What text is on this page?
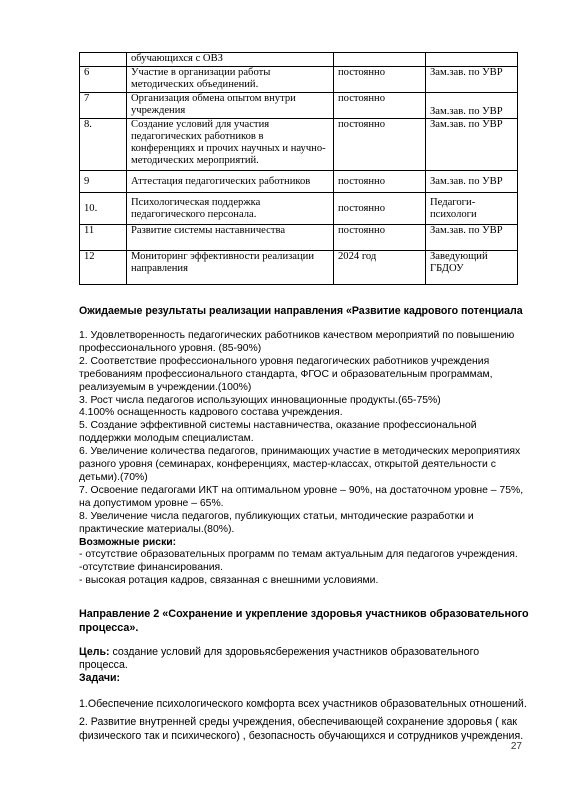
	обучающихся с ОВЗ		
6	Участие в организации работы методических объединений.	постоянно	Зам.зав. по УВР
7	Организация обмена опытом внутри учреждения	постоянно	Зам.зав. по УВР
8.	Создание условий для участия педагогических работников в конференциях и прочих научных и научно-методических мероприятий.	постоянно	Зам.зав. по УВР
9	Аттестация педагогических работников	постоянно	Зам.зав. по УВР
10.	Психологическая поддержка педагогического персонала.	постоянно	Педагоги-психологи
11	Развитие системы наставничества	постоянно	Зам.зав. по УВР
12	Мониторинг эффективности реализации направления	2024 год	Заведующий ГБДОУ
Ожидаемые результаты реализации направления «Развитие кадрового потенциала

1. Удовлетворенность педагогических работников качеством мероприятий по повышению профессионального уровня. (85-90%)

2. Соответствие профессионального уровня педагогических работников учреждения требованиям профессионального стандарта, ФГОС и образовательным программам, реализуемым в учреждении.(100%)

3. Рост числа педагогов использующих инновационные продукты.(65-75%)

4.100% оснащенность кадрового состава учреждения.

5. Создание эффективной системы наставничества, оказание профессиональной поддержки молодым специалистам.

6. Увеличение количества педагогов, принимающих участие в методических мероприятиях разного уровня (семинарах, конференциях, мастер-классах, открытой деятельности с детьми).(70%)

7. Освоение педагогами ИКТ на оптимальном уровне – 90%, на достаточном уровне – 75%, на допустимом уровне – 65%.

8. Увеличение числа педагогов, публикующих статьи, мнтодические разработки и практические материалы.(80%).

Возможные риски:

- отсутствие образовательных программ по темам актуальным для педагогов учреждения.

-отсутствие финансирования.

- высокая ротация кадров, связанная с внешними условиями.

Направление 2 «Сохранение и укрепление здоровья участников образовательного процесса».
Цель: создание условий для здоровьясбережения участников образовательного процесса.
Задачи:

1.Обеспечение психологического комфорта всех участников образовательных отношений.

2. Развитие внутренней среды учреждения, обеспечивающей сохранение здоровья ( как физического так и психического) , безопасность обучающихся и сотрудников учреждения.

27
